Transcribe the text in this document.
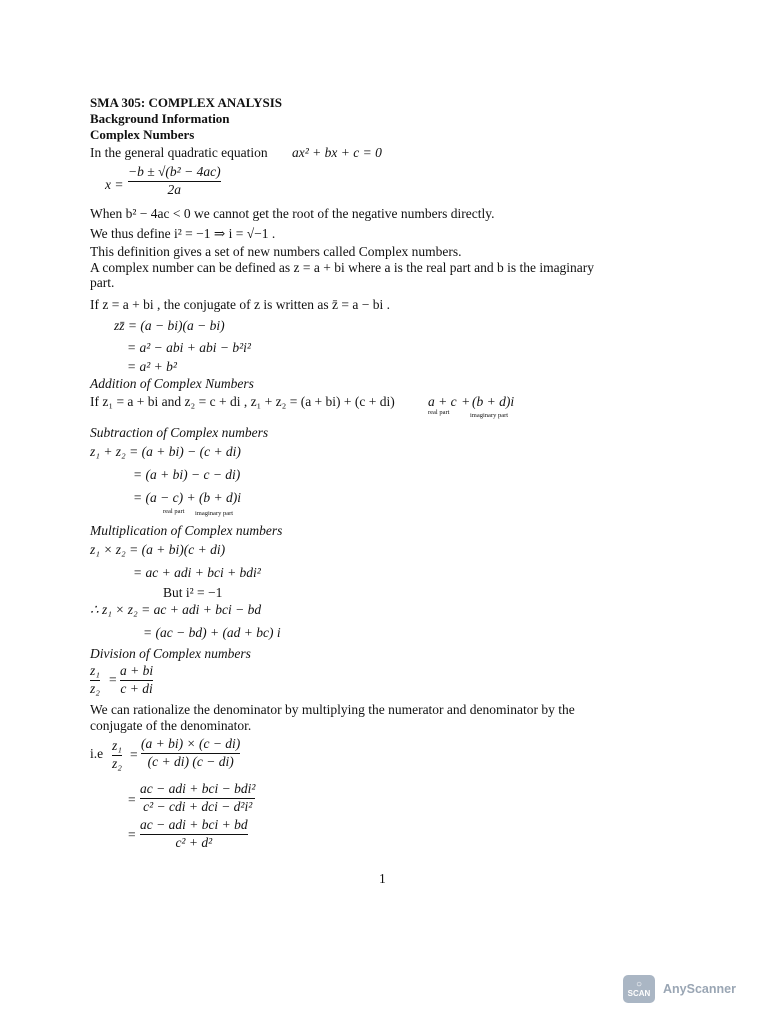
SMA 305: COMPLEX ANALYSIS
Background Information
Complex Numbers
In the general quadratic equation ax² + bx + c = 0
x =
−b ± √(b² − 4ac)
2a
When b² − 4ac < 0 we cannot get the root of the negative numbers directly.
We thus define i² = −1 ⇒ i = √−1 .
This definition gives a set of new numbers called Complex numbers.
A complex number can be defined as z = a + bi where a is the real part and b is the imaginary
part.
If z = a + bi , the conjugate of z is written as z̄ = a − bi .
zz̄ = (a − bi)(a − bi)
= a² − abi + abi − b²i²
= a² + b²
Addition of Complex Numbers
If z₁ = a + bi and z₂ = c + di , z₁ + z₂ = (a + bi) + (c + di) a + c + (b + d)i
real part	imaginary part
Subtraction of Complex numbers
z₁ + z₂ = (a + bi) − (c + di)
= (a + bi) − c − di)
= (a − c) + (b + d)i
real part imaginary part
Multiplication of Complex numbers
z₁ × z₂ = (a + bi)(c + di)
= ac + adi + bci + bdi²
But i² = −1
∴ z₁ × z₂ = ac + adi + bci − bd
= (ac − bd) + (ad + bc) i
Division of Complex numbers
z₁
z₂
=
a + bi
c + di
We can rationalize the denominator by multiplying the numerator and denominator by the
conjugate of the denominator.
i.e
z₁
z₂
=
(a + bi) × (c − di)
(c + di) (c − di)
=
ac − adi + bci − bdi²
c² − cdi + dci − d²i²
=
ac − adi + bci + bd
c² + d²
1
○
SCAN AnyScanner
